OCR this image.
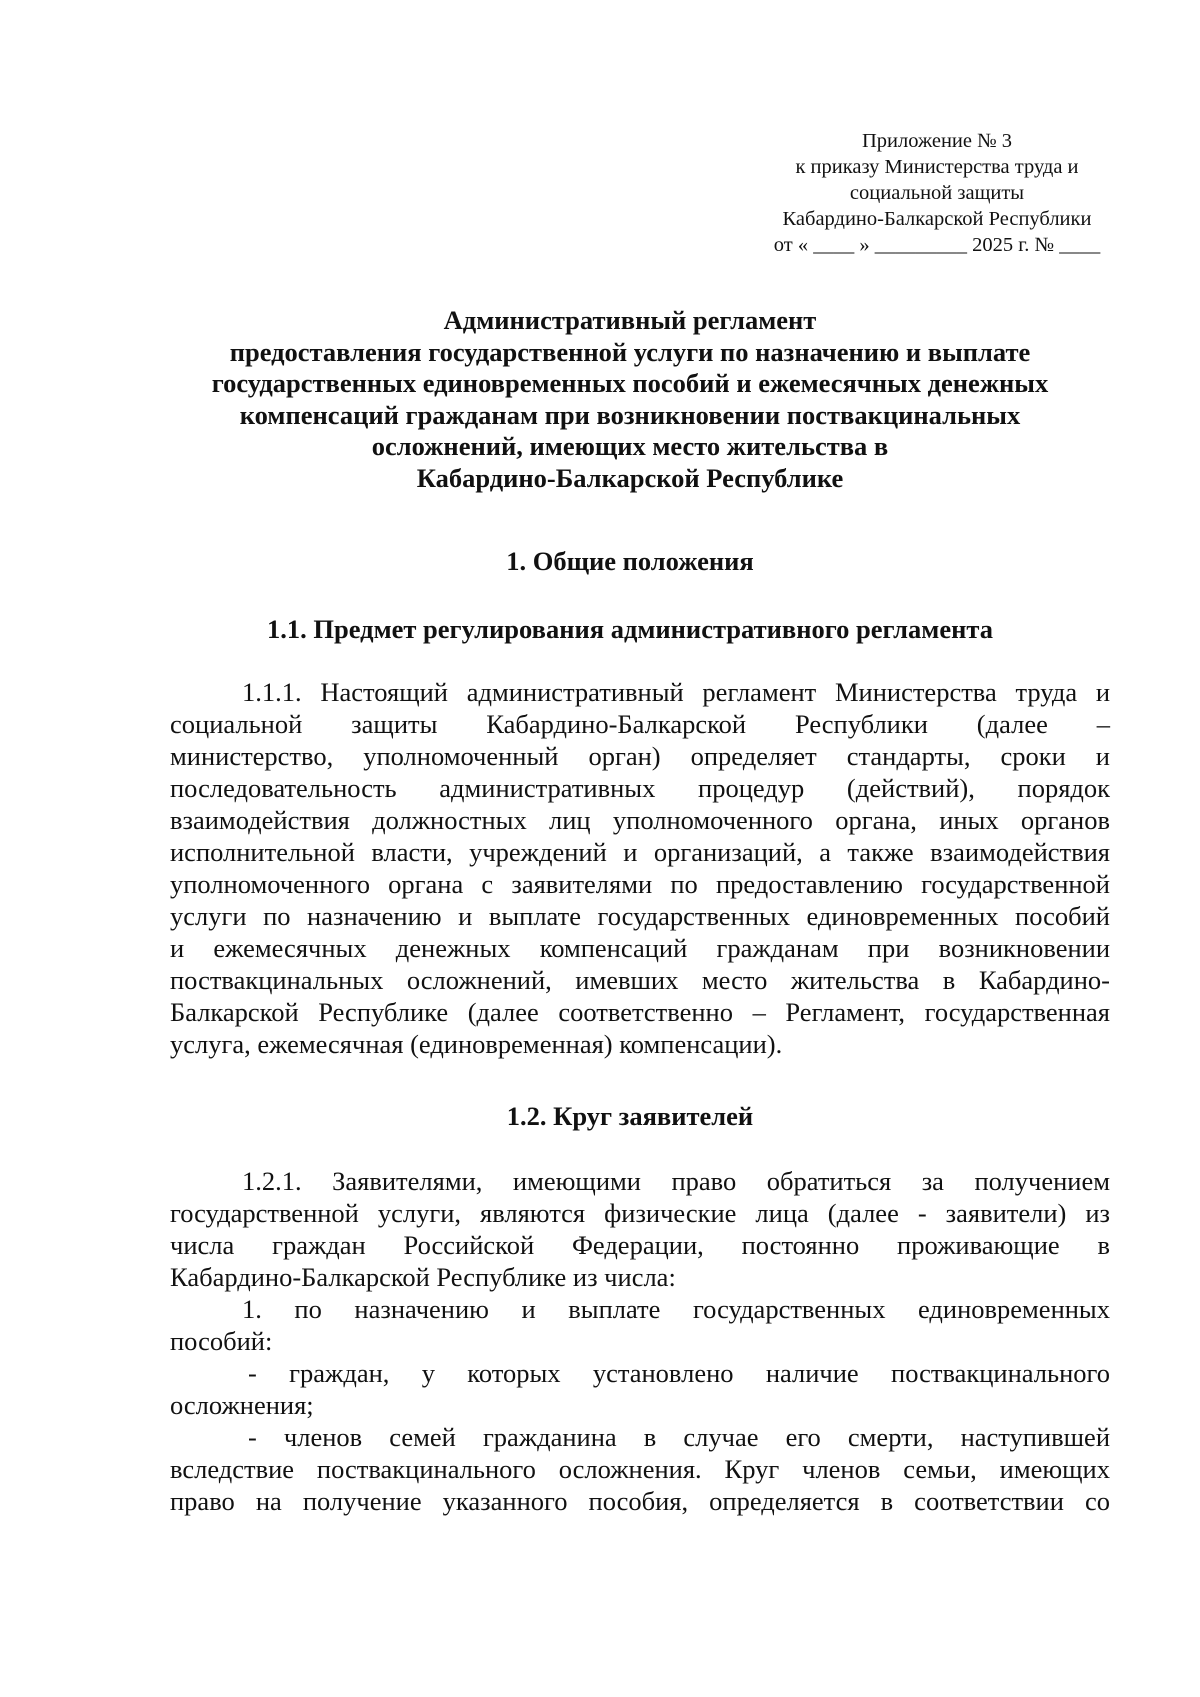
Приложение № 3
к приказу Министерства труда и
социальной защиты
Кабардино-Балкарской Республики
от « ____ » _________ 2025 г. № ____
Административный регламент
предоставления государственной услуги по назначению и выплате
государственных единовременных пособий и ежемесячных денежных
компенсаций гражданам при возникновении поствакцинальных
осложнений, имеющих место жительства в
Кабардино-Балкарской Республике
1. Общие положения
1.1. Предмет регулирования административного регламента
1.1.1. Настоящий административный регламент Министерства труда и
социальной защиты Кабардино-Балкарской Республики (далее –
министерство, уполномоченный орган) определяет стандарты, сроки и
последовательность административных процедур (действий), порядок
взаимодействия должностных лиц уполномоченного органа, иных органов
исполнительной власти, учреждений и организаций, а также взаимодействия
уполномоченного органа с заявителями по предоставлению государственной
услуги по назначению и выплате государственных единовременных пособий
и ежемесячных денежных компенсаций гражданам при возникновении
поствакцинальных осложнений, имевших место жительства в Кабардино-
Балкарской Республике (далее соответственно – Регламент, государственная
услуга, ежемесячная (единовременная) компенсации).
1.2. Круг заявителей
1.2.1. Заявителями, имеющими право обратиться за получением
государственной услуги, являются физические лица (далее - заявители) из
числа граждан Российской Федерации, постоянно проживающие в
Кабардино-Балкарской Республике из числа:
1. по назначению и выплате государственных единовременных
пособий:
- граждан, у которых установлено наличие поствакцинального
осложнения;
- членов семей гражданина в случае его смерти, наступившей
вследствие поствакцинального осложнения. Круг членов семьи, имеющих
право на получение указанного пособия, определяется в соответствии со
